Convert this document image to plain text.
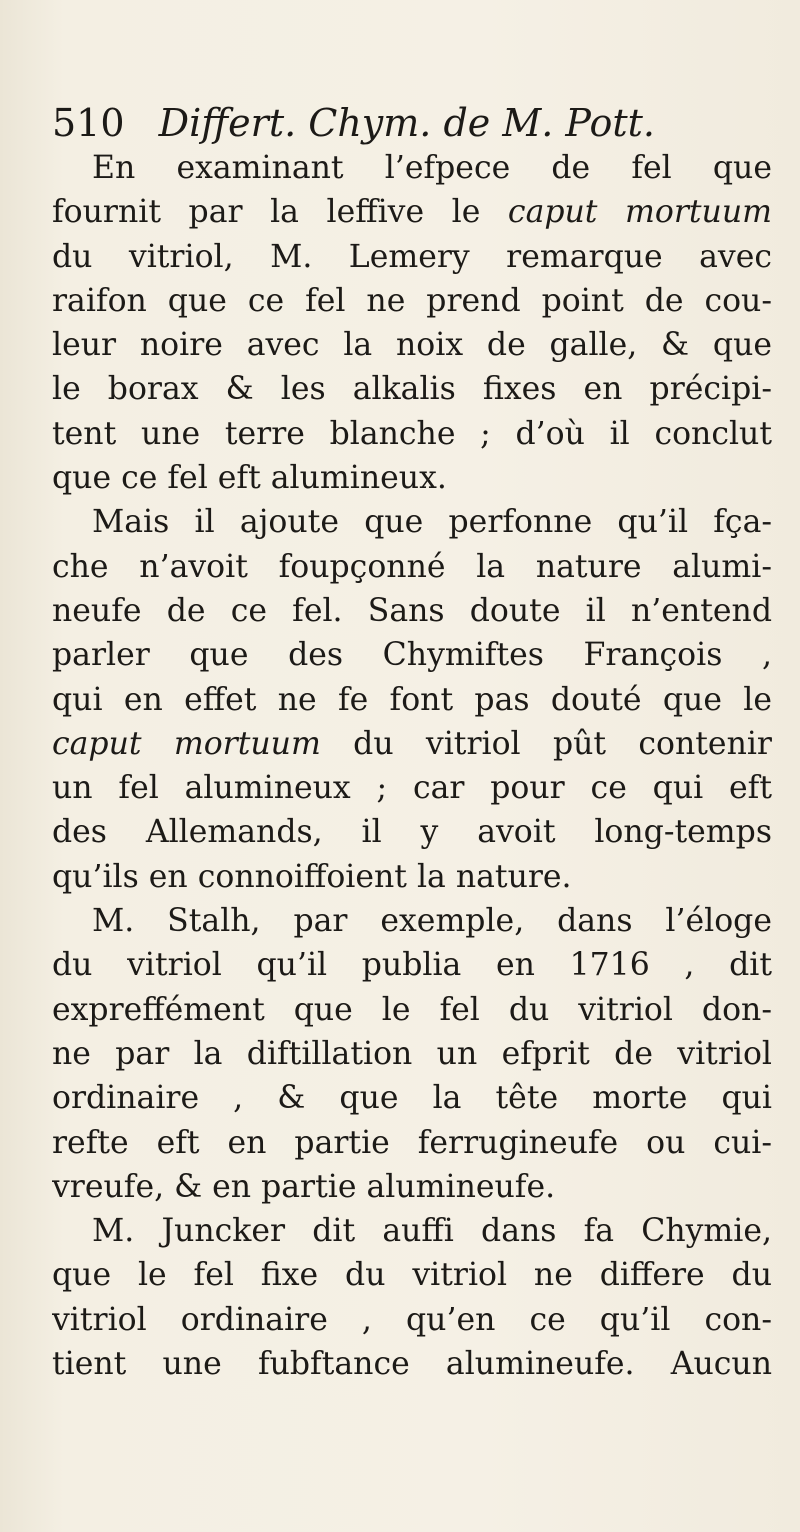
510 Differt. Chym. de M. Pott.
En examinant l’efpece de fel que
fournit par la leffive le caput mortuum
du vitriol, M. Lemery remarque avec
raifon que ce fel ne prend point de cou-
leur noire avec la noix de galle, & que
le borax & les alkalis fixes en précipi-
tent une terre blanche ; d’où il conclut
que ce fel eft alumineux.
Mais il ajoute que perfonne qu’il fça-
che n’avoit foupçonné la nature alumi-
neufe de ce fel. Sans doute il n’entend
parler que des Chymiftes François ,
qui en effet ne fe font pas douté que le
caput mortuum du vitriol pût contenir
un fel alumineux ; car pour ce qui eft
des Allemands, il y avoit long-temps
qu’ils en connoiffoient la nature.
M. Stalh, par exemple, dans l’éloge
du vitriol qu’il publia en 1716 , dit
expreffément que le fel du vitriol don-
ne par la diftillation un efprit de vitriol
ordinaire , & que la tête morte qui
refte eft en partie ferrugineufe ou cui-
vreufe, & en partie alumineufe.
M. Juncker dit auffi dans fa Chymie,
que le fel fixe du vitriol ne differe du
vitriol ordinaire , qu’en ce qu’il con-
tient une fubftance alumineufe. Aucun
